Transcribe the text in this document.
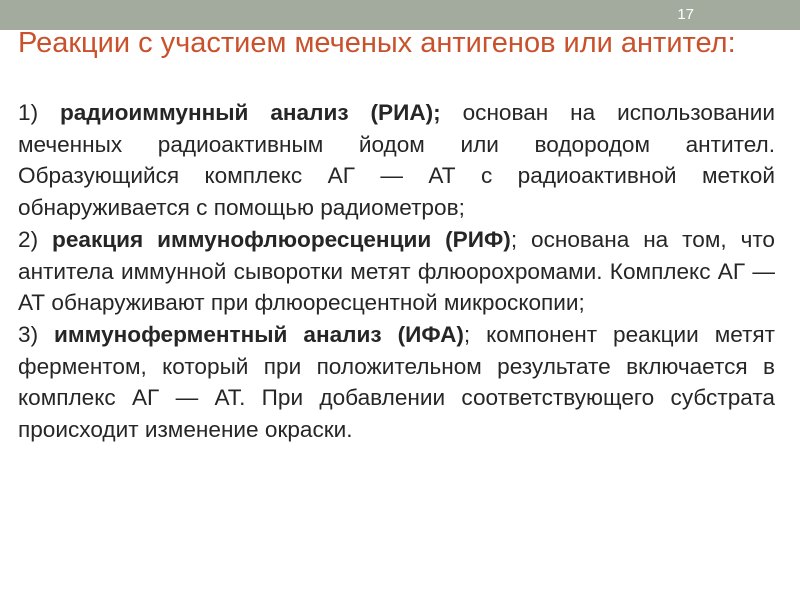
17
Реакции с участием меченых антигенов или антител:

1) радиоиммунный анализ (РИА); основан на использовании меченных радиоактивным йодом или водородом антител. Образующийся комплекс АГ — АТ с радиоактивной меткой обнаруживается с помощью радиометров;

2) реакция иммунофлюоресценции (РИФ); основана на том, что антитела иммунной сыворотки метят флюорохромами. Комплекс АГ — АТ обнаруживают при флюоресцентной микроскопии;

3) иммуноферментный анализ (ИФА); компонент реакции метят ферментом, который при положительном результате включается в комплекс АГ — АТ. При добавлении соответствующего субстрата происходит изменение окраски.
